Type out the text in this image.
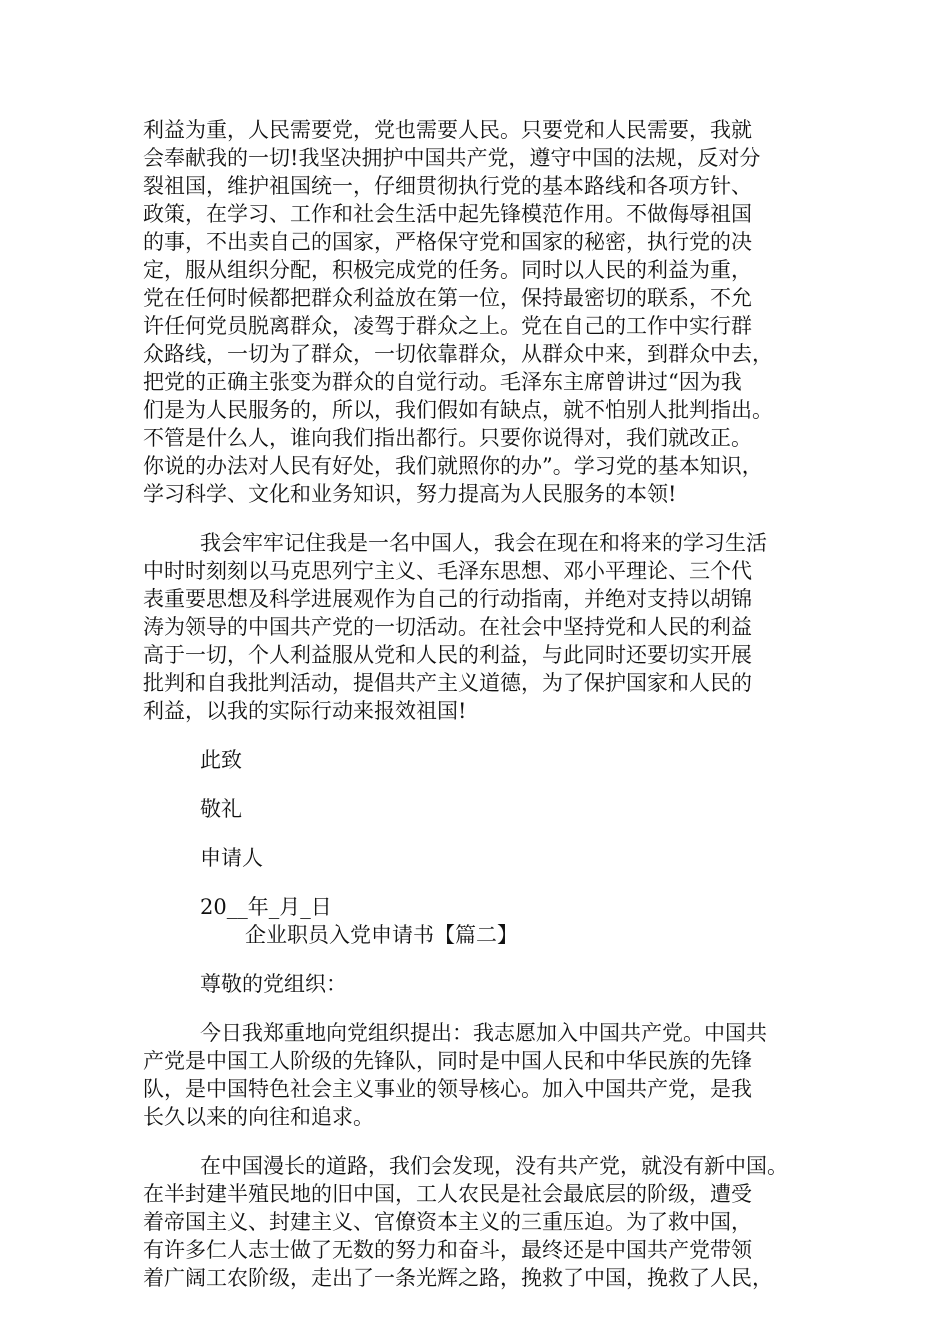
利益为重，人民需要党，党也需要人民。只要党和人民需要，我就
会奉献我的一切!我坚决拥护中国共产党，遵守中国的法规，反对分
裂祖国，维护祖国统一，仔细贯彻执行党的基本路线和各项方针、
政策，在学习、工作和社会生活中起先锋模范作用。不做侮辱祖国
的事，不出卖自己的国家，严格保守党和国家的秘密，执行党的决
定，服从组织分配，积极完成党的任务。同时以人民的利益为重，
党在任何时候都把群众利益放在第一位，保持最密切的联系，不允
许任何党员脱离群众，凌驾于群众之上。党在自己的工作中实行群
众路线，一切为了群众，一切依靠群众，从群众中来，到群众中去，
把党的正确主张变为群众的自觉行动。毛泽东主席曾讲过“因为我
们是为人民服务的，所以，我们假如有缺点，就不怕别人批判指出。
不管是什么人，谁向我们指出都行。只要你说得对，我们就改正。
你说的办法对人民有好处，我们就照你的办”。学习党的基本知识，
学习科学、文化和业务知识，努力提高为人民服务的本领!
我会牢牢记住我是一名中国人，我会在现在和将来的学习生活
中时时刻刻以马克思列宁主义、毛泽东思想、邓小平理论、三个代
表重要思想及科学进展观作为自己的行动指南，并绝对支持以胡锦
涛为领导的中国共产党的一切活动。在社会中坚持党和人民的利益
高于一切，个人利益服从党和人民的利益，与此同时还要切实开展
批判和自我批判活动，提倡共产主义道德，为了保护国家和人民的
利益，以我的实际行动来报效祖国!
此致
敬礼
申请人
20__年_月_日
企业职员入党申请书【篇二】
尊敬的党组织：
今日我郑重地向党组织提出：我志愿加入中国共产党。中国共
产党是中国工人阶级的先锋队，同时是中国人民和中华民族的先锋
队，是中国特色社会主义事业的领导核心。加入中国共产党，是我
长久以来的向往和追求。
在中国漫长的道路，我们会发现，没有共产党，就没有新中国。
在半封建半殖民地的旧中国，工人农民是社会最底层的阶级，遭受
着帝国主义、封建主义、官僚资本主义的三重压迫。为了救中国，
有许多仁人志士做了无数的努力和奋斗，最终还是中国共产党带领
着广阔工农阶级，走出了一条光辉之路，挽救了中国，挽救了人民，
